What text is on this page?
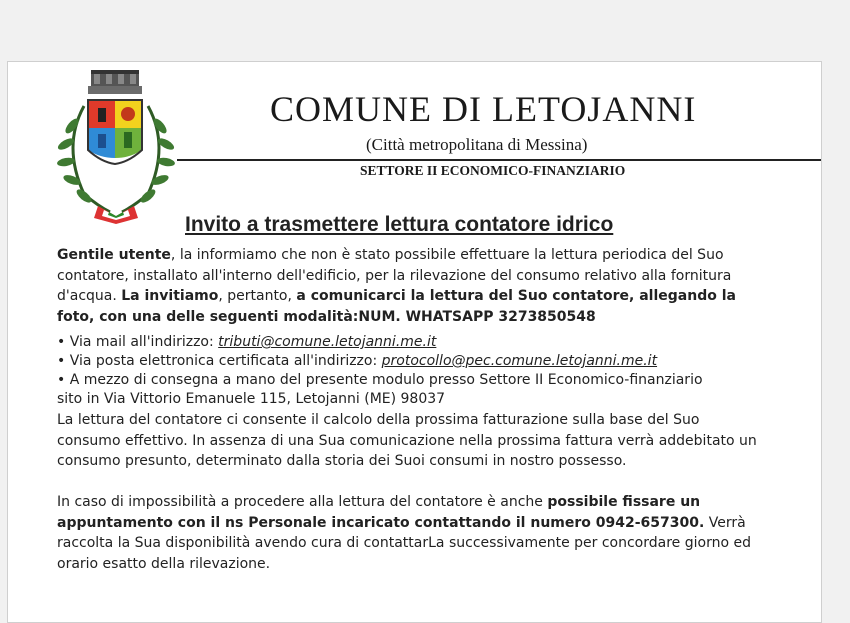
COMUNE DI LETOJANNI
(Città metropolitana di Messina)
SETTORE II ECONOMICO-FINANZIARIO
Invito a trasmettere lettura contatore idrico
Gentile utente, la informiamo che non è stato possibile effettuare la lettura periodica del Suo contatore, installato all'interno dell'edificio, per la rilevazione del consumo relativo alla fornitura d'acqua. La invitiamo, pertanto, a comunicarci la lettura del Suo contatore, allegando la foto, con una delle seguenti modalità:NUM. WHATSAPP 3273850548
• Via mail all'indirizzo: tributi@comune.letojanni.me.it
• Via posta elettronica certificata all'indirizzo: protocollo@pec.comune.letojanni.me.it
• A mezzo di consegna a mano del presente modulo presso Settore II Economico-finanziario sito in Via Vittorio Emanuele 115, Letojanni (ME) 98037
La lettura del contatore ci consente il calcolo della prossima fatturazione sulla base del Suo consumo effettivo. In assenza di una Sua comunicazione nella prossima fattura verrà addebitato un consumo presunto, determinato dalla storia dei Suoi consumi in nostro possesso.
In caso di impossibilità a procedere alla lettura del contatore è anche possibile fissare un appuntamento con il ns Personale incaricato contattando il numero 0942-657300. Verrà raccolta la Sua disponibilità avendo cura di contattarLa successivamente per concordare giorno ed orario esatto della rilevazione.
